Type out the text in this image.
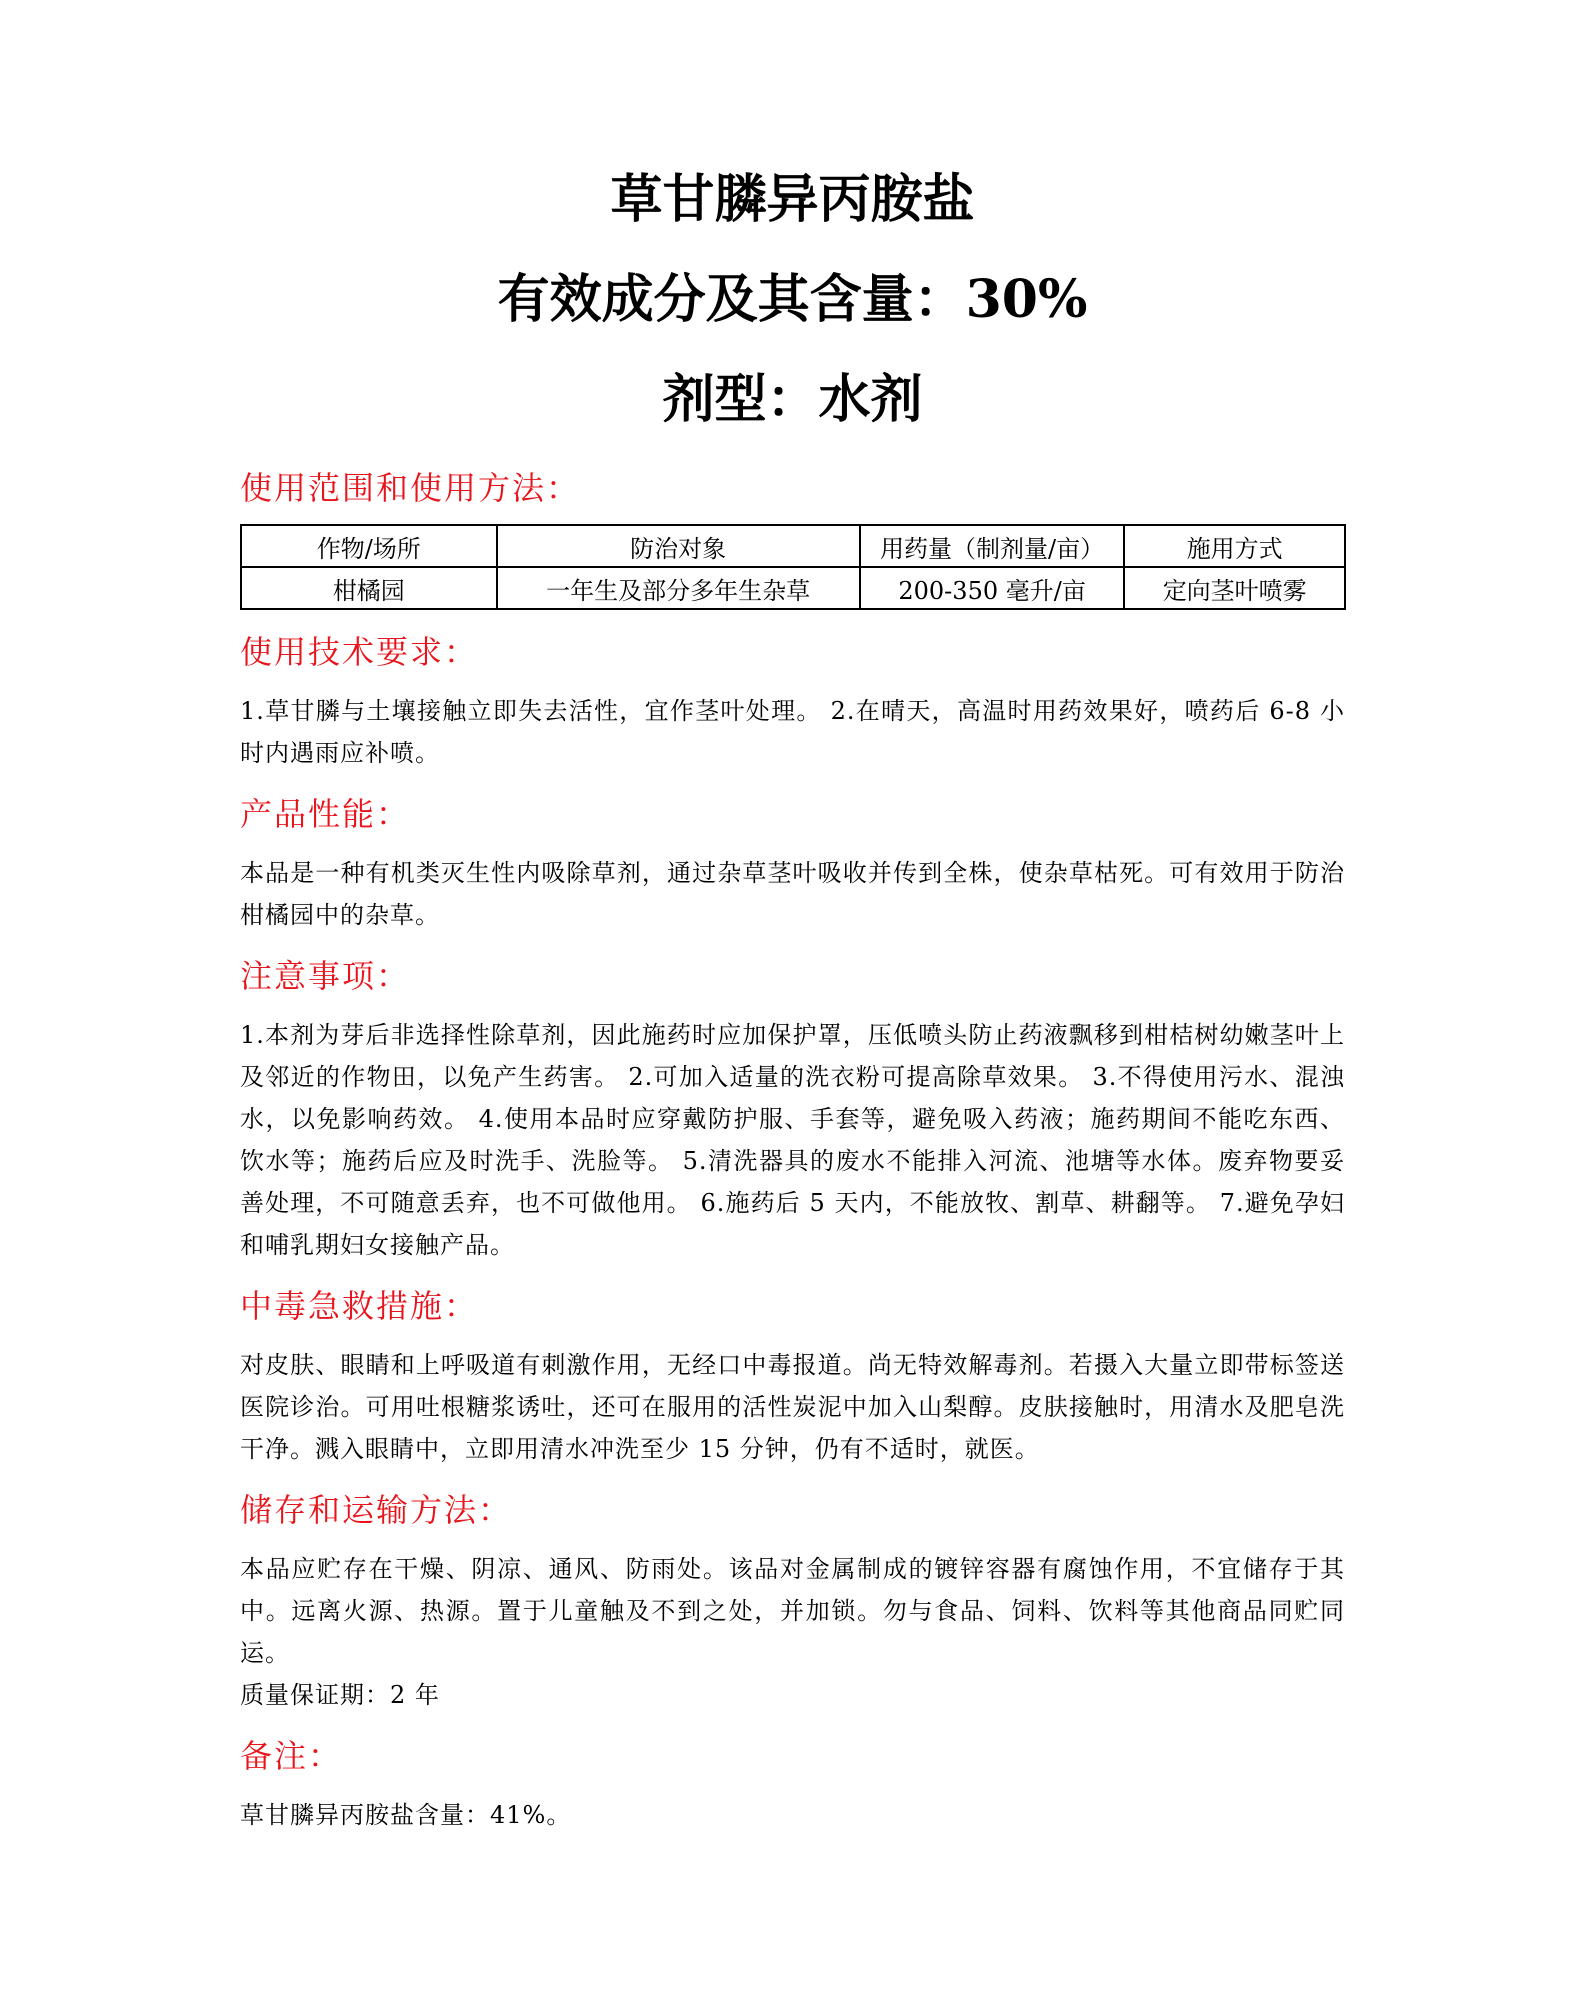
草甘膦异丙胺盐
有效成分及其含量：30%
剂型：水剂
使用范围和使用方法：
作物/场所	防治对象	用药量（制剂量/亩）	施用方式
柑橘园	一年生及部分多年生杂草	200-350 毫升/亩	定向茎叶喷雾
使用技术要求：

1.草甘膦与土壤接触立即失去活性，宜作茎叶处理。 2.在晴天，高温时用药效果好，喷药后 6-8 小时内遇雨应补喷。

产品性能：

本品是一种有机类灭生性内吸除草剂，通过杂草茎叶吸收并传到全株，使杂草枯死。可有效用于防治柑橘园中的杂草。

注意事项：

1.本剂为芽后非选择性除草剂，因此施药时应加保护罩，压低喷头防止药液飘移到柑桔树幼嫩茎叶上及邻近的作物田，以免产生药害。 2.可加入适量的洗衣粉可提高除草效果。 3.不得使用污水、混浊水，以免影响药效。 4.使用本品时应穿戴防护服、手套等，避免吸入药液；施药期间不能吃东西、饮水等；施药后应及时洗手、洗脸等。 5.清洗器具的废水不能排入河流、池塘等水体。废弃物要妥善处理，不可随意丢弃，也不可做他用。 6.施药后 5 天内，不能放牧、割草、耕翻等。 7.避免孕妇和哺乳期妇女接触产品。

中毒急救措施：

对皮肤、眼睛和上呼吸道有刺激作用，无经口中毒报道。尚无特效解毒剂。若摄入大量立即带标签送医院诊治。可用吐根糖浆诱吐，还可在服用的活性炭泥中加入山梨醇。皮肤接触时，用清水及肥皂洗干净。溅入眼睛中，立即用清水冲洗至少 15 分钟，仍有不适时，就医。

储存和运输方法：

本品应贮存在干燥、阴凉、通风、防雨处。该品对金属制成的镀锌容器有腐蚀作用，不宜储存于其中。远离火源、热源。置于儿童触及不到之处，并加锁。勿与食品、饲料、饮料等其他商品同贮同运。

质量保证期：2 年

备注：

草甘膦异丙胺盐含量：41%。
